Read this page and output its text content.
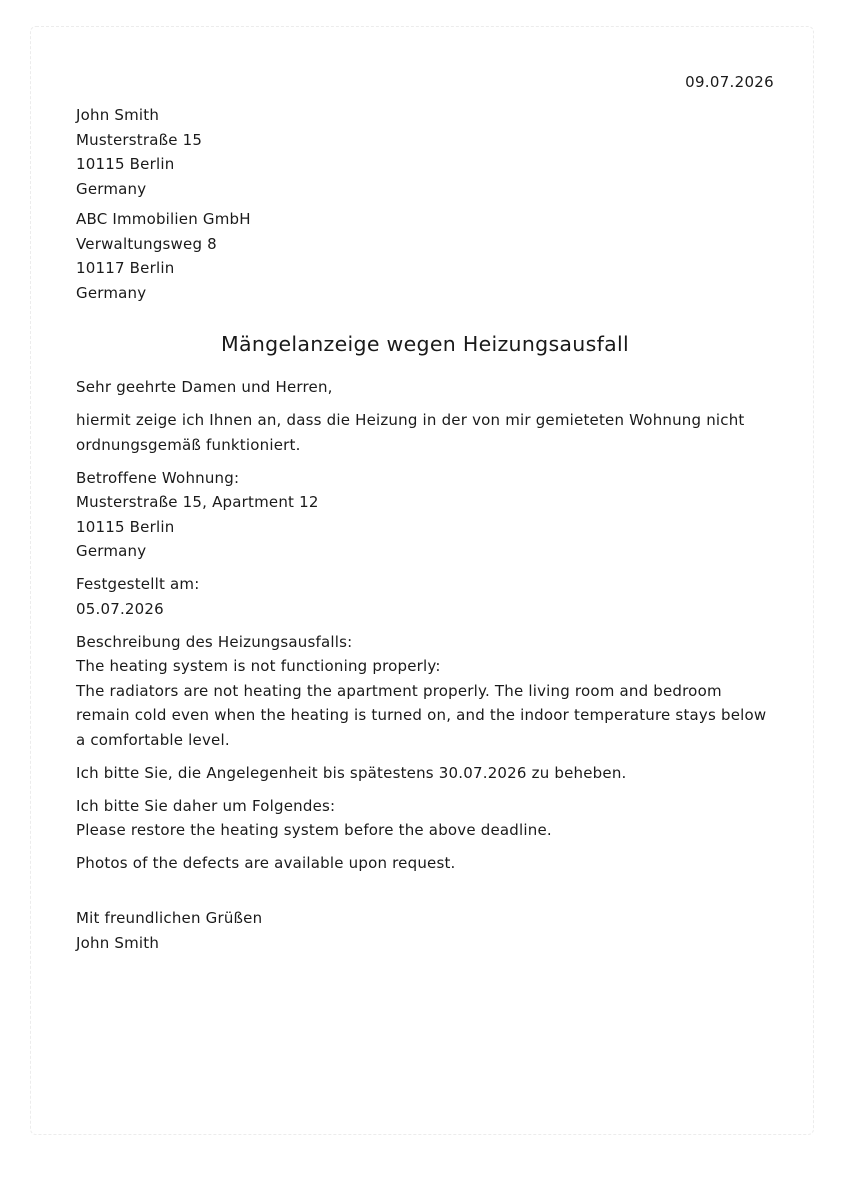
09.07.2026
John Smith
Musterstraße 15
10115 Berlin
Germany
ABC Immobilien GmbH
Verwaltungsweg 8
10117 Berlin
Germany
Mängelanzeige wegen Heizungsausfall

Sehr geehrte Damen und Herren,

hiermit zeige ich Ihnen an, dass die Heizung in der von mir gemieteten Wohnung nicht ordnungsgemäß funktioniert.

Betroffene Wohnung:
Musterstraße 15, Apartment 12
10115 Berlin
Germany

Festgestellt am:
05.07.2026

Beschreibung des Heizungsausfalls:
The heating system is not functioning properly:
The radiators are not heating the apartment properly. The living room and bedroom remain cold even when the heating is turned on, and the indoor temperature stays below a comfortable level.

Ich bitte Sie, die Angelegenheit bis spätestens 30.07.2026 zu beheben.

Ich bitte Sie daher um Folgendes:
Please restore the heating system before the above deadline.

Photos of the defects are available upon request.

Mit freundlichen Grüßen
John Smith
